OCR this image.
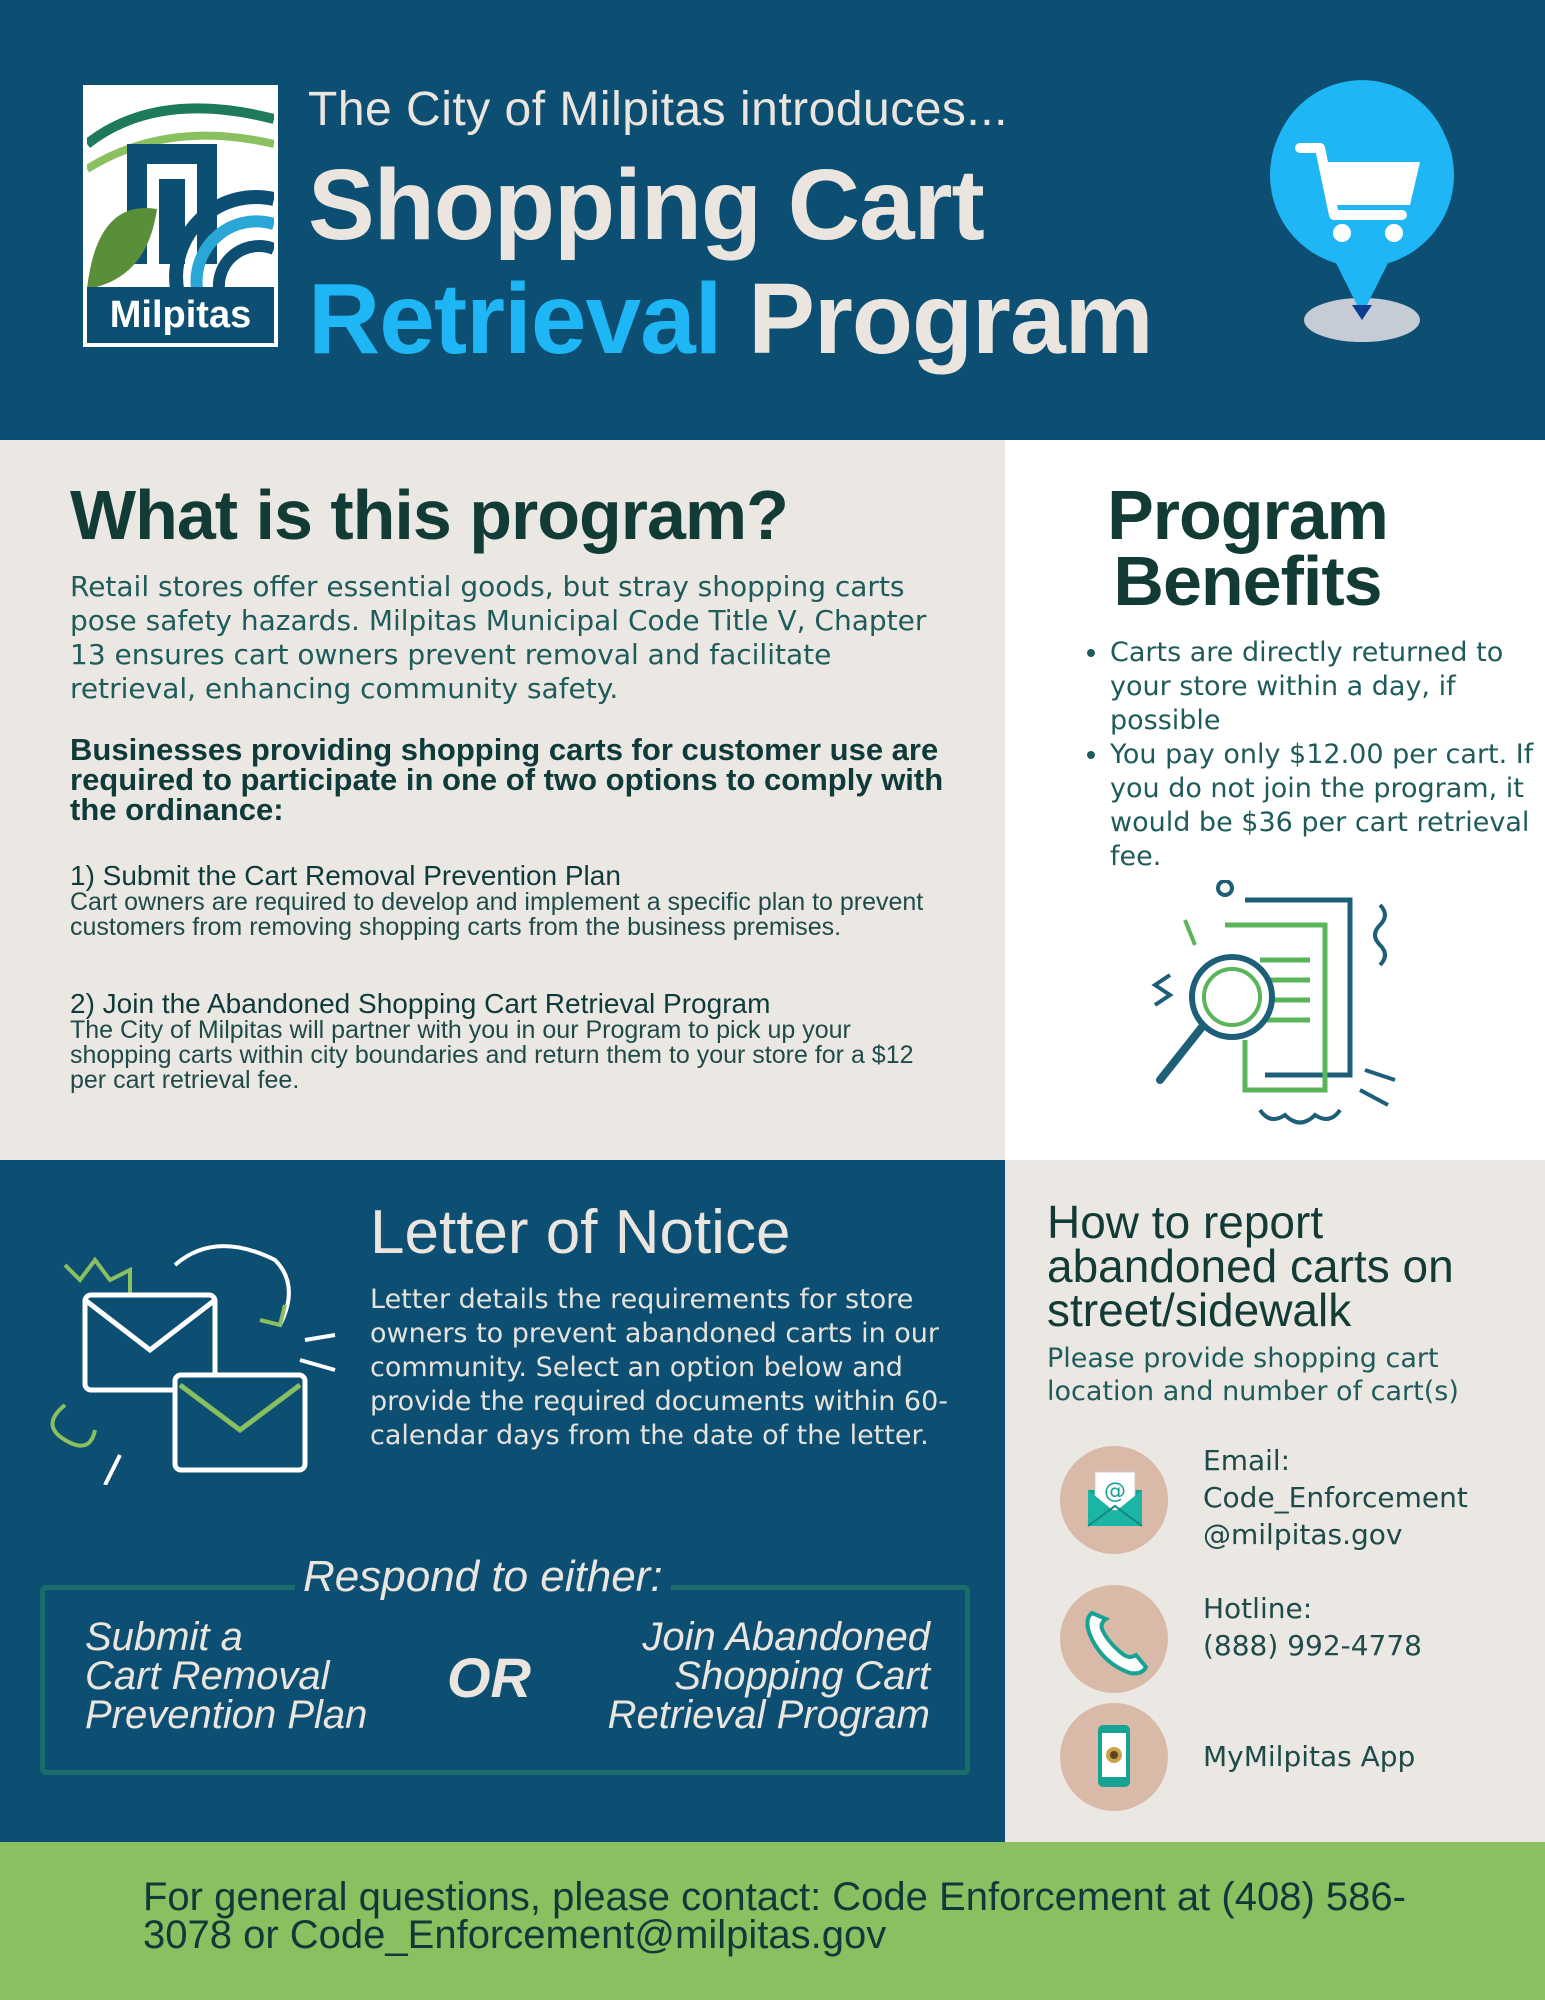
Milpitas
The City of Milpitas introduces...
Shopping Cart
Retrieval Program
What is this program?
Retail stores offer essential goods, but stray shopping carts pose safety hazards. Milpitas Municipal Code Title V, Chapter 13 ensures cart owners prevent removal and facilitate retrieval, enhancing community safety.
Businesses providing shopping carts for customer use are required to participate in one of two options to comply with the ordinance:
1) Submit the Cart Removal Prevention Plan
Cart owners are required to develop and implement a specific plan to prevent customers from removing shopping carts from the business premises.
2) Join the Abandoned Shopping Cart Retrieval Program
The City of Milpitas will partner with you in our Program to pick up your shopping carts within city boundaries and return them to your store for a $12 per cart retrieval fee.
Program Benefits
• Carts are directly returned to your store within a day, if possible
• You pay only $12.00 per cart. If you do not join the program, it would be $36 per cart retrieval fee.
Letter of Notice
Letter details the requirements for store owners to prevent abandoned carts in our community. Select an option below and provide the required documents within 60-calendar days from the date of the letter.
Respond to either:
Submit a
Cart Removal
Prevention Plan
OR
Join Abandoned
Shopping Cart
Retrieval Program
How to report abandoned carts on street/sidewalk
Please provide shopping cart location and number of cart(s)
@
Email:
Code_Enforcement
@milpitas.gov
Hotline:
(888) 992-4778
MyMilpitas App
For general questions, please contact: Code Enforcement at (408) 586-3078 or Code_Enforcement@milpitas.gov
